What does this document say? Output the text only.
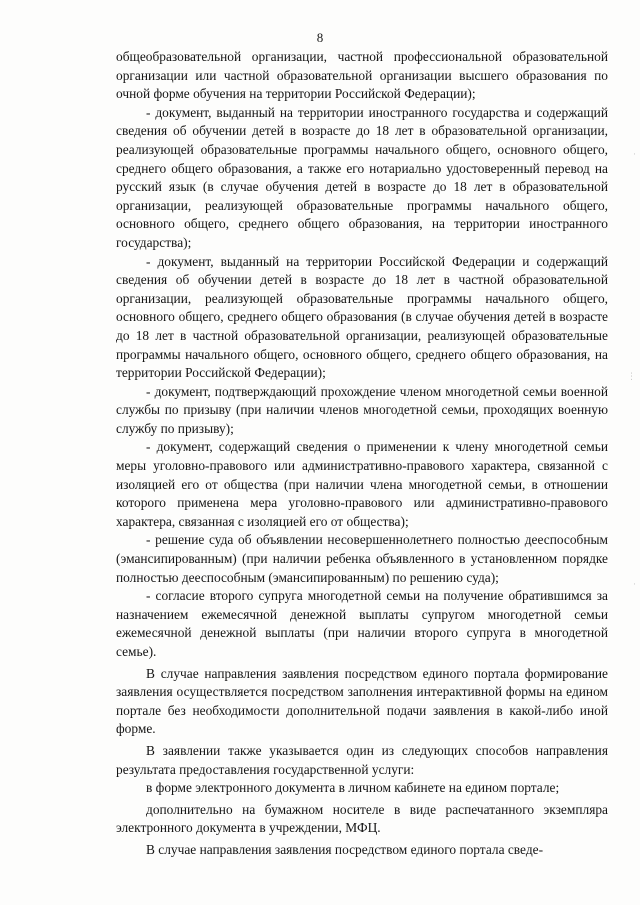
8

общеобразовательной организации, частной профессиональной образовательной организации или частной образовательной организации высшего образования по очной форме обучения на территории Российской Федерации);

- документ, выданный на территории иностранного государства и содержащий сведения об обучении детей в возрасте до 18 лет в образовательной организации, реализующей образовательные программы начального общего, основного общего, среднего общего образования, а также его нотариально удостоверенный перевод на русский язык (в случае обучения детей в возрасте до 18 лет в образовательной организации, реализующей образовательные программы начального общего, основного общего, среднего общего образования, на территории иностранного государства);

- документ, выданный на территории Российской Федерации и содержащий сведения об обучении детей в возрасте до 18 лет в частной образовательной организации, реализующей образовательные программы начального общего, основного общего, среднего общего образования (в случае обучения детей в возрасте до 18 лет в частной образовательной организации, реализующей образовательные программы начального общего, основного общего, среднего общего образования, на территории Российской Федерации);

- документ, подтверждающий прохождение членом многодетной семьи военной службы по призыву (при наличии членов многодетной семьи, проходящих военную службу по призыву);

- документ, содержащий сведения о применении к члену многодетной семьи меры уголовно-правового или административно-правового характера, связанной с изоляцией его от общества (при наличии члена многодетной семьи, в отношении которого применена мера уголовно-правового или административно-правового характера, связанная с изоляцией его от общества);

- решение суда об объявлении несовершеннолетнего полностью дееспособным (эмансипированным) (при наличии ребенка объявленного в установленном порядке полностью дееспособным (эмансипированным) по решению суда);

- согласие второго супруга многодетной семьи на получение обратившимся за назначением ежемесячной денежной выплаты супругом многодетной семьи ежемесячной денежной выплаты (при наличии второго супруга в многодетной семье).

В случае направления заявления посредством единого портала формирование заявления осуществляется посредством заполнения интерактивной формы на едином портале без необходимости дополнительной подачи заявления в какой-либо иной форме.

В заявлении также указывается один из следующих способов направления результата предоставления государственной услуги:

в форме электронного документа в личном кабинете на едином портале;

дополнительно на бумажном носителе в виде распечатанного экземпляра электронного документа в учреждении, МФЦ.

В случае направления заявления посредством единого портала сведе-

·
⋮
·
